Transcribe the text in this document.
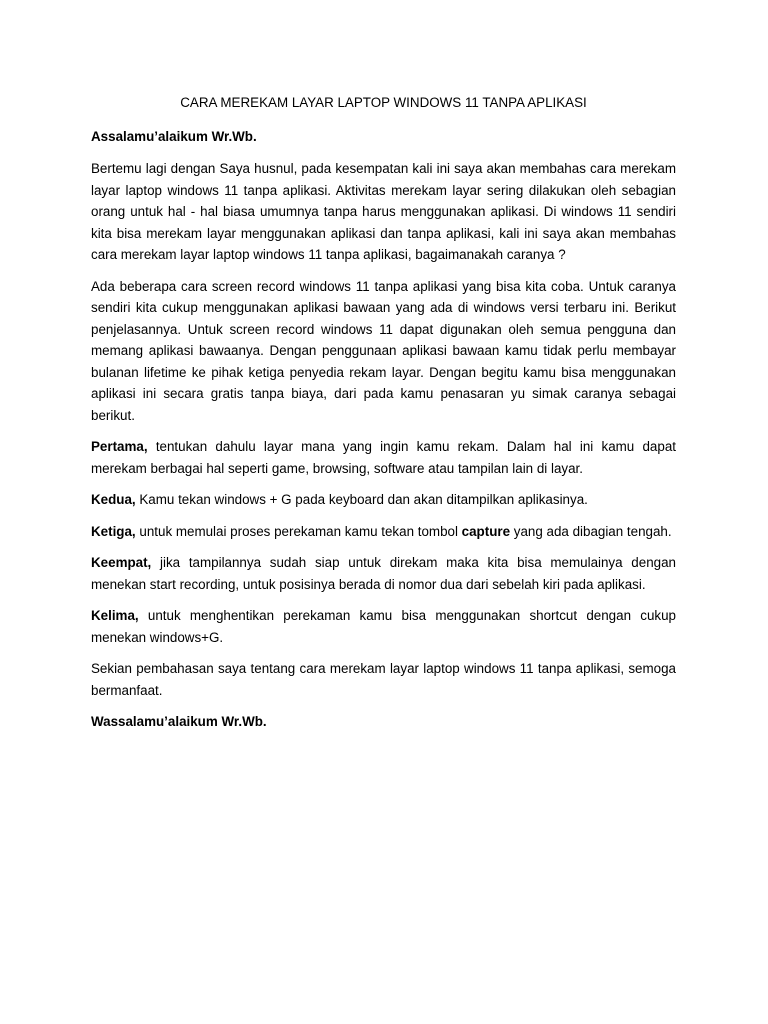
CARA MEREKAM LAYAR LAPTOP WINDOWS 11 TANPA APLIKASI
Assalamu’alaikum Wr.Wb.

Bertemu lagi dengan Saya husnul, pada kesempatan kali ini saya akan membahas cara merekam layar laptop windows 11 tanpa aplikasi. Aktivitas merekam layar sering dilakukan oleh sebagian orang untuk hal - hal biasa umumnya tanpa harus menggunakan aplikasi. Di windows 11 sendiri kita bisa merekam layar menggunakan aplikasi dan tanpa aplikasi, kali ini saya akan membahas cara merekam layar laptop windows 11 tanpa aplikasi, bagaimanakah caranya ?

Ada beberapa cara screen record windows 11 tanpa aplikasi yang bisa kita coba. Untuk caranya sendiri kita cukup menggunakan aplikasi bawaan yang ada di windows versi terbaru ini. Berikut penjelasannya. Untuk screen record windows 11 dapat digunakan oleh semua pengguna dan memang aplikasi bawaanya. Dengan penggunaan aplikasi bawaan kamu tidak perlu membayar bulanan lifetime ke pihak ketiga penyedia rekam layar. Dengan begitu kamu bisa menggunakan aplikasi ini secara gratis tanpa biaya, dari pada kamu penasaran yu simak caranya sebagai berikut.

Pertama, tentukan dahulu layar mana yang ingin kamu rekam. Dalam hal ini kamu dapat merekam berbagai hal seperti game, browsing, software atau tampilan lain di layar.

Kedua, Kamu tekan windows + G pada keyboard dan akan ditampilkan aplikasinya.

Ketiga, untuk memulai proses perekaman kamu tekan tombol capture yang ada dibagian tengah.

Keempat, jika tampilannya sudah siap untuk direkam maka kita bisa memulainya dengan menekan start recording, untuk posisinya berada di nomor dua dari sebelah kiri pada aplikasi.

Kelima, untuk menghentikan perekaman kamu bisa menggunakan shortcut dengan cukup menekan windows+G.

Sekian pembahasan saya tentang cara merekam layar laptop windows 11 tanpa aplikasi, semoga bermanfaat.

Wassalamu’alaikum Wr.Wb.
